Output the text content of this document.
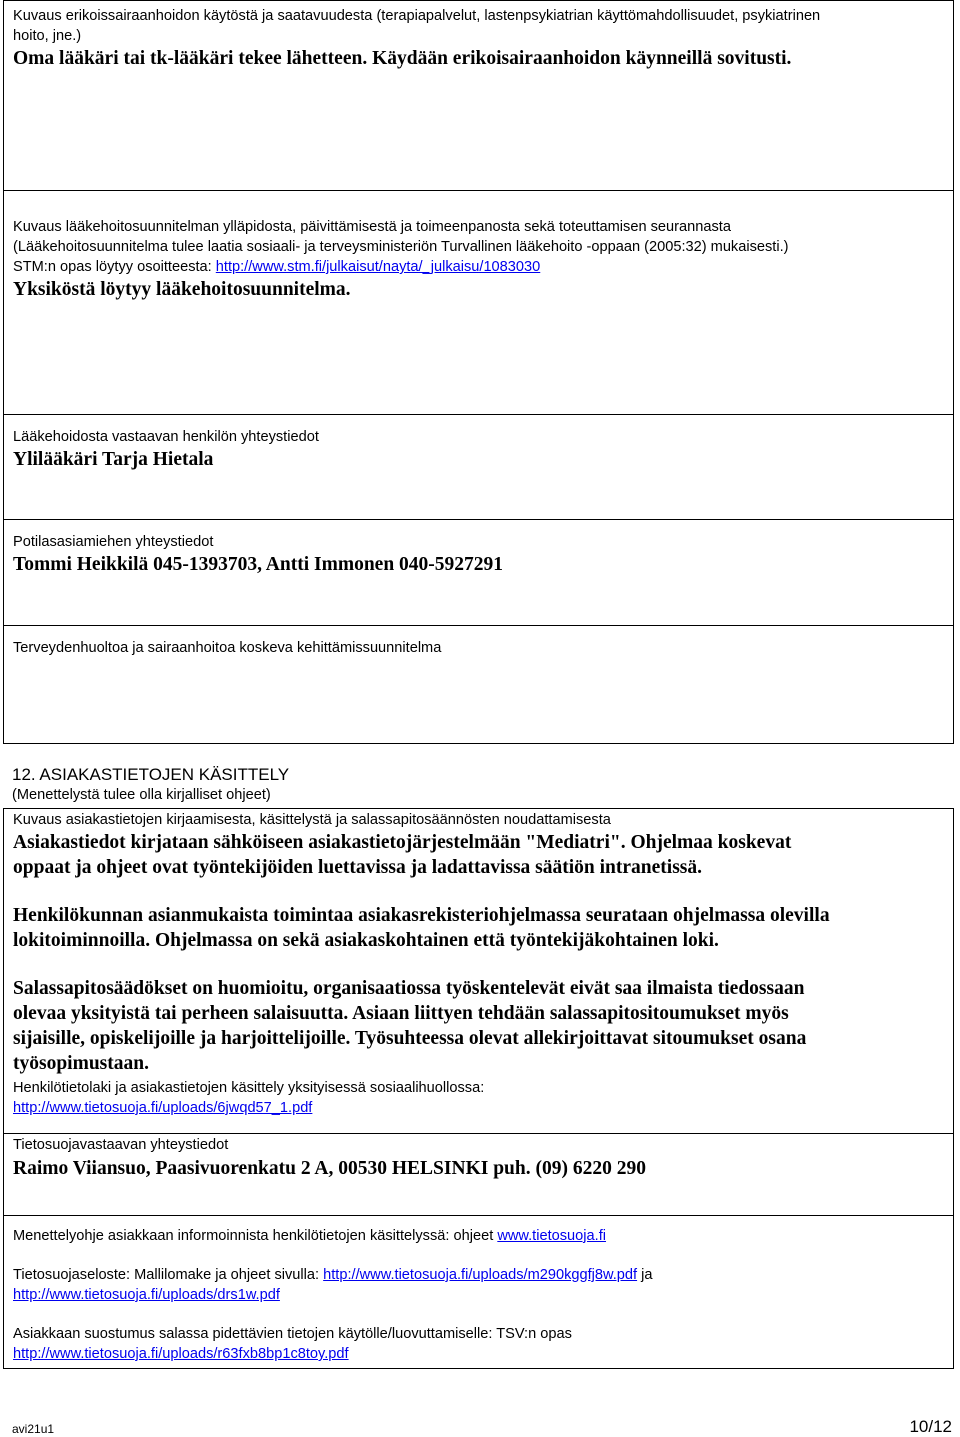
Kuvaus erikoissairaanhoidon käytöstä ja saatavuudesta (terapiapalvelut, lastenpsykiatrian käyttömahdollisuudet, psykiatrinen
hoito, jne.)
Oma lääkäri tai tk-lääkäri tekee lähetteen. Käydään erikoisairaanhoidon käynneillä sovitusti.
Kuvaus lääkehoitosuunnitelman ylläpidosta, päivittämisestä ja toimeenpanosta sekä toteuttamisen seurannasta
(Lääkehoitosuunnitelma tulee laatia sosiaali- ja terveysministeriön Turvallinen lääkehoito -oppaan (2005:32) mukaisesti.)
STM:n opas löytyy osoitteesta: http://www.stm.fi/julkaisut/nayta/_julkaisu/1083030
Yksiköstä löytyy lääkehoitosuunnitelma.
Lääkehoidosta vastaavan henkilön yhteystiedot
Ylilääkäri Tarja Hietala
Potilasasiamiehen yhteystiedot
Tommi Heikkilä 045-1393703, Antti Immonen 040-5927291
Terveydenhuoltoa ja sairaanhoitoa koskeva kehittämissuunnitelma
12. ASIAKASTIETOJEN KÄSITTELY
(Menettelystä tulee olla kirjalliset ohjeet)
Kuvaus asiakastietojen kirjaamisesta, käsittelystä ja salassapitosäännösten noudattamisesta
Asiakastiedot kirjataan sähköiseen asiakastietojärjestelmään "Mediatri". Ohjelmaa koskevat
oppaat ja ohjeet ovat työntekijöiden luettavissa ja ladattavissa säätiön intranetissä.
Henkilökunnan asianmukaista toimintaa asiakasrekisteriohjelmassa seurataan ohjelmassa olevilla
lokitoiminnoilla. Ohjelmassa on sekä asiakaskohtainen että työntekijäkohtainen loki.
Salassapitosäädökset on huomioitu, organisaatiossa työskentelevät eivät saa ilmaista tiedossaan
olevaa yksityistä tai perheen salaisuutta. Asiaan liittyen tehdään salassapitositoumukset myös
sijaisille, opiskelijoille ja harjoittelijoille. Työsuhteessa olevat allekirjoittavat sitoumukset osana
työsopimustaan.
Henkilötietolaki ja asiakastietojen käsittely yksityisessä sosiaalihuollossa:
http://www.tietosuoja.fi/uploads/6jwqd57_1.pdf
Tietosuojavastaavan yhteystiedot
Raimo Viiansuo, Paasivuorenkatu 2 A, 00530 HELSINKI puh. (09) 6220 290
Menettelyohje asiakkaan informoinnista henkilötietojen käsittelyssä: ohjeet www.tietosuoja.fi
Tietosuojaseloste: Mallilomake ja ohjeet sivulla: http://www.tietosuoja.fi/uploads/m290kggfj8w.pdf ja
http://www.tietosuoja.fi/uploads/drs1w.pdf
Asiakkaan suostumus salassa pidettävien tietojen käytölle/luovuttamiselle: TSV:n opas
http://www.tietosuoja.fi/uploads/r63fxb8bp1c8toy.pdf
avi21u1	10/12
